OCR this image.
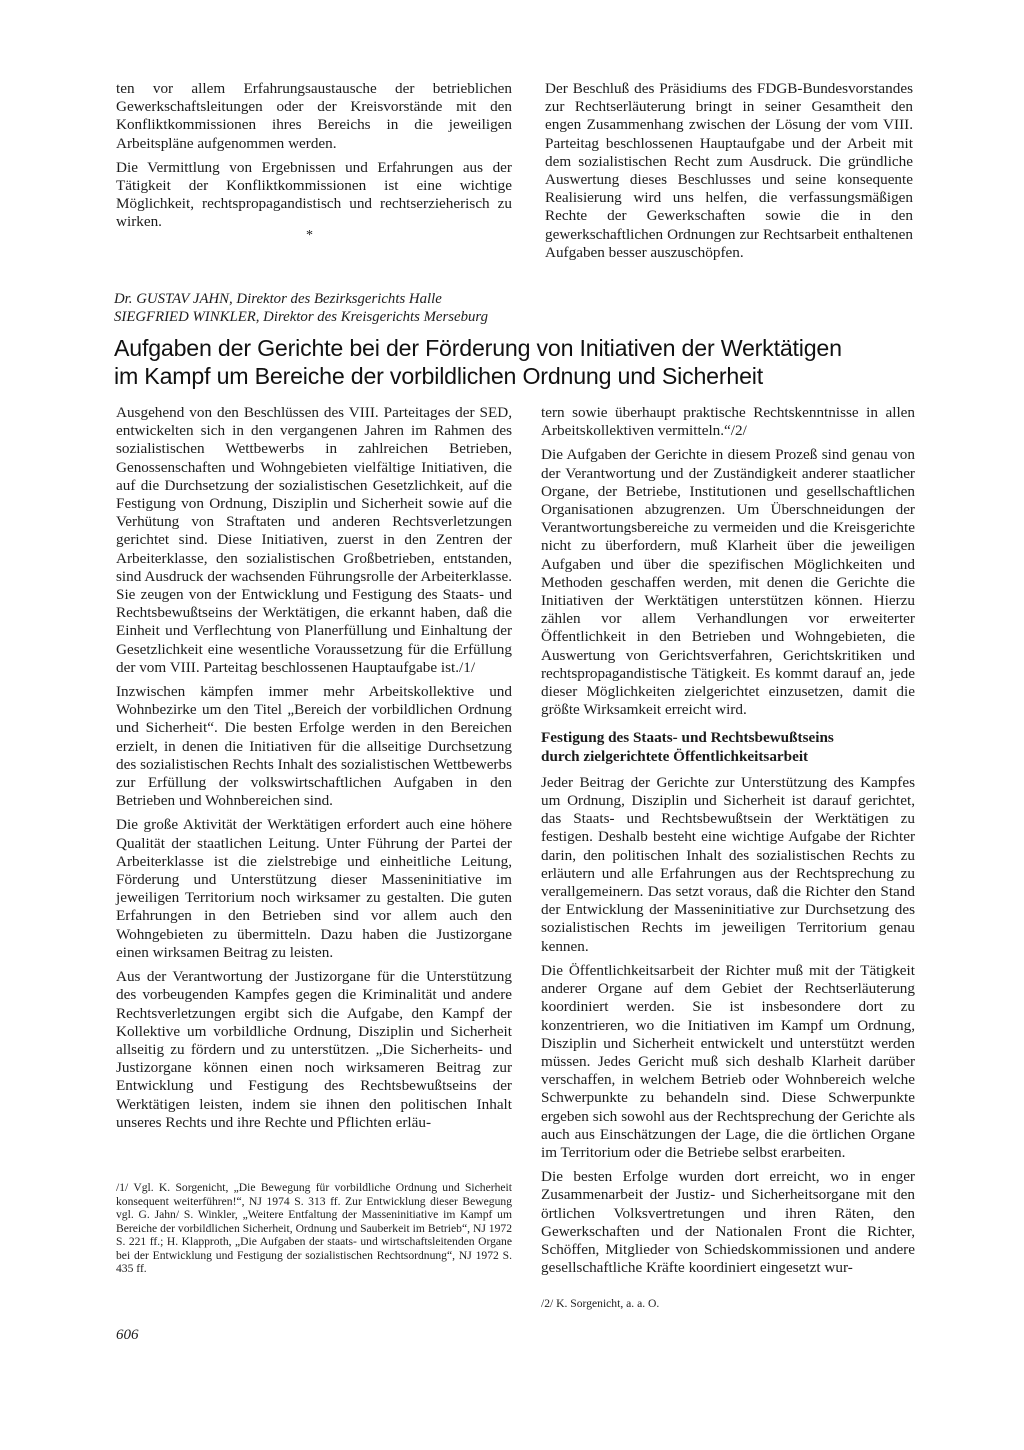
ten vor allem Erfahrungsaustausche der betrieblichen Gewerkschaftsleitungen oder der Kreisvorstände mit den Konfliktkommissionen ihres Bereichs in die jeweiligen Arbeitspläne aufgenommen werden.

Die Vermittlung von Ergebnissen und Erfahrungen aus der Tätigkeit der Konfliktkommissionen ist eine wichtige Möglichkeit, rechtspropagandistisch und rechtserzieherisch zu wirken.

Der Beschluß des Präsidiums des FDGB-Bundesvorstandes zur Rechtserläuterung bringt in seiner Gesamtheit den engen Zusammenhang zwischen der Lösung der vom VIII. Parteitag beschlossenen Hauptaufgabe und der Arbeit mit dem sozialistischen Recht zum Ausdruck. Die gründliche Auswertung dieses Beschlusses und seine konsequente Realisierung wird uns helfen, die verfassungsmäßigen Rechte der Gewerkschaften sowie die in den gewerkschaftlichen Ordnungen zur Rechtsarbeit enthaltenen Aufgaben besser auszuschöpfen.

*
Dr. GUSTAV JAHN, Direktor des Bezirksgerichts Halle
SIEGFRIED WINKLER, Direktor des Kreisgerichts Merseburg
Aufgaben der Gerichte bei der Förderung von Initiativen der Werktätigen
im Kampf um Bereiche der vorbildlichen Ordnung und Sicherheit

Ausgehend von den Beschlüssen des VIII. Parteitages der SED, entwickelten sich in den vergangenen Jahren im Rahmen des sozialistischen Wettbewerbs in zahlreichen Betrieben, Genossenschaften und Wohngebieten vielfältige Initiativen, die auf die Durchsetzung der sozialistischen Gesetzlichkeit, auf die Festigung von Ordnung, Disziplin und Sicherheit sowie auf die Verhütung von Straftaten und anderen Rechtsverletzungen gerichtet sind. Diese Initiativen, zuerst in den Zentren der Arbeiterklasse, den sozialistischen Großbetrieben, entstanden, sind Ausdruck der wachsenden Führungsrolle der Arbeiterklasse. Sie zeugen von der Entwicklung und Festigung des Staats- und Rechtsbewußtseins der Werktätigen, die erkannt haben, daß die Einheit und Verflechtung von Planerfüllung und Einhaltung der Gesetzlichkeit eine wesentliche Voraussetzung für die Erfüllung der vom VIII. Parteitag beschlossenen Hauptaufgabe ist./1/

Inzwischen kämpfen immer mehr Arbeitskollektive und Wohnbezirke um den Titel „Bereich der vorbildlichen Ordnung und Sicherheit“. Die besten Erfolge werden in den Bereichen erzielt, in denen die Initiativen für die allseitige Durchsetzung des sozialistischen Rechts Inhalt des sozialistischen Wettbewerbs zur Erfüllung der volkswirtschaftlichen Aufgaben in den Betrieben und Wohnbereichen sind.

Die große Aktivität der Werktätigen erfordert auch eine höhere Qualität der staatlichen Leitung. Unter Führung der Partei der Arbeiterklasse ist die zielstrebige und einheitliche Leitung, Förderung und Unterstützung dieser Masseninitiative im jeweiligen Territorium noch wirksamer zu gestalten. Die guten Erfahrungen in den Betrieben sind vor allem auch den Wohngebieten zu übermitteln. Dazu haben die Justizorgane einen wirksamen Beitrag zu leisten.

Aus der Verantwortung der Justizorgane für die Unterstützung des vorbeugenden Kampfes gegen die Kriminalität und andere Rechtsverletzungen ergibt sich die Aufgabe, den Kampf der Kollektive um vorbildliche Ordnung, Disziplin und Sicherheit allseitig zu fördern und zu unterstützen. „Die Sicherheits- und Justizorgane können einen noch wirksameren Beitrag zur Entwicklung und Festigung des Rechtsbewußtseins der Werktätigen leisten, indem sie ihnen den politischen Inhalt unseres Rechts und ihre Rechte und Pflichten erläu-

tern sowie überhaupt praktische Rechtskenntnisse in allen Arbeitskollektiven vermitteln.“/2/

Die Aufgaben der Gerichte in diesem Prozeß sind genau von der Verantwortung und der Zuständigkeit anderer staatlicher Organe, der Betriebe, Institutionen und gesellschaftlichen Organisationen abzugrenzen. Um Überschneidungen der Verantwortungsbereiche zu vermeiden und die Kreisgerichte nicht zu überfordern, muß Klarheit über die jeweiligen Aufgaben und über die spezifischen Möglichkeiten und Methoden geschaffen werden, mit denen die Gerichte die Initiativen der Werktätigen unterstützen können. Hierzu zählen vor allem Verhandlungen vor erweiterter Öffentlichkeit in den Betrieben und Wohngebieten, die Auswertung von Gerichtsverfahren, Gerichtskritiken und rechtspropagandistische Tätigkeit. Es kommt darauf an, jede dieser Möglichkeiten zielgerichtet einzusetzen, damit die größte Wirksamkeit erreicht wird.

Festigung des Staats- und Rechtsbewußtseins
durch zielgerichtete Öffentlichkeitsarbeit

Jeder Beitrag der Gerichte zur Unterstützung des Kampfes um Ordnung, Disziplin und Sicherheit ist darauf gerichtet, das Staats- und Rechtsbewußtsein der Werktätigen zu festigen. Deshalb besteht eine wichtige Aufgabe der Richter darin, den politischen Inhalt des sozialistischen Rechts zu erläutern und alle Erfahrungen aus der Rechtsprechung zu verallgemeinern. Das setzt voraus, daß die Richter den Stand der Entwicklung der Masseninitiative zur Durchsetzung des sozialistischen Rechts im jeweiligen Territorium genau kennen.

Die Öffentlichkeitsarbeit der Richter muß mit der Tätigkeit anderer Organe auf dem Gebiet der Rechtserläuterung koordiniert werden. Sie ist insbesondere dort zu konzentrieren, wo die Initiativen im Kampf um Ordnung, Disziplin und Sicherheit entwickelt und unterstützt werden müssen. Jedes Gericht muß sich deshalb Klarheit darüber verschaffen, in welchem Betrieb oder Wohnbereich welche Schwerpunkte zu behandeln sind. Diese Schwerpunkte ergeben sich sowohl aus der Rechtsprechung der Gerichte als auch aus Einschätzungen der Lage, die die örtlichen Organe im Territorium oder die Betriebe selbst erarbeiten.

Die besten Erfolge wurden dort erreicht, wo in enger Zusammenarbeit der Justiz- und Sicherheitsorgane mit den örtlichen Volksvertretungen und ihren Räten, den Gewerkschaften und der Nationalen Front die Richter, Schöffen, Mitglieder von Schiedskommissionen und andere gesellschaftliche Kräfte koordiniert eingesetzt wur-

/1/ Vgl. K. Sorgenicht, „Die Bewegung für vorbildliche Ordnung und Sicherheit konsequent weiterführen!“, NJ 1974 S. 313 ff. Zur Entwicklung dieser Bewegung vgl. G. Jahn/ S. Winkler, „Weitere Entfaltung der Masseninitiative im Kampf um Bereiche der vorbildlichen Sicherheit, Ordnung und Sauberkeit im Betrieb“, NJ 1972 S. 221 ff.; H. Klapproth, „Die Aufgaben der staats- und wirtschaftsleitenden Organe bei der Entwicklung und Festigung der sozialistischen Rechtsordnung“, NJ 1972 S. 435 ff.
/2/ K. Sorgenicht, a. a. O.
606
